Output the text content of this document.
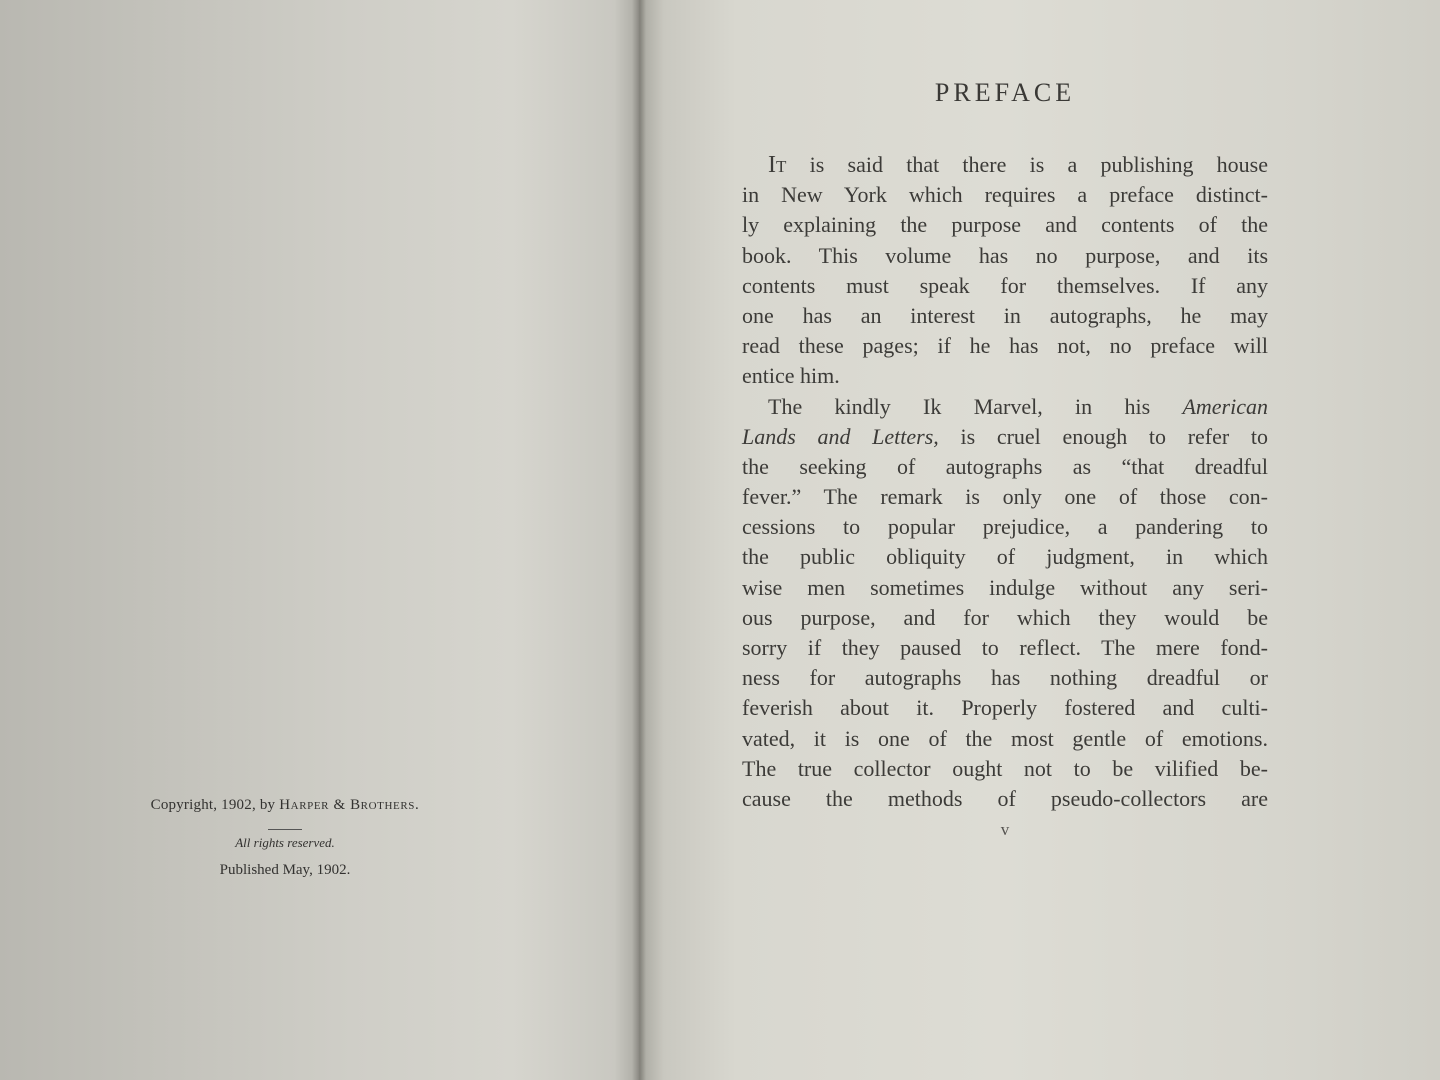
Copyright, 1902, by Harper & Brothers.
All rights reserved.
Published May, 1902.
PREFACE
It is said that there is a publishing house
in New York which requires a preface distinct-
ly explaining the purpose and contents of the
book. This volume has no purpose, and its
contents must speak for themselves. If any
one has an interest in autographs, he may
read these pages; if he has not, no preface will
entice him.
The kindly Ik Marvel, in his American
Lands and Letters, is cruel enough to refer to
the seeking of autographs as “that dreadful
fever.” The remark is only one of those con-
cessions to popular prejudice, a pandering to
the public obliquity of judgment, in which
wise men sometimes indulge without any seri-
ous purpose, and for which they would be
sorry if they paused to reflect. The mere fond-
ness for autographs has nothing dreadful or
feverish about it. Properly fostered and culti-
vated, it is one of the most gentle of emotions.
The true collector ought not to be vilified be-
cause the methods of pseudo-collectors are
v
